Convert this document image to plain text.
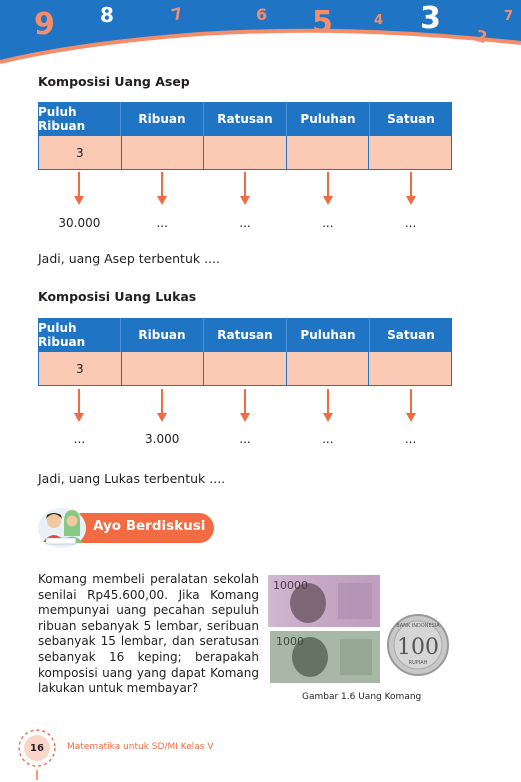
9 8	7	6 5	4 3
2
7
Komposisi Uang Asep
Puluh Ribuan	Ribuan	Ratusan	Puluhan	Satuan
3
30.000	...	...	...	...
Jadi, uang Asep terbentuk ....
Komposisi Uang Lukas
Puluh Ribuan	Ribuan	Ratusan	Puluhan	Satuan
3
...	3.000	...	...	...
Jadi, uang Lukas terbentuk ....
Ayo Berdiskusi
Komang membeli peralatan sekolah senilai Rp45.600,00. Jika Komang mempunyai uang pecahan sepuluh ribuan sebanyak 5 lembar, seribuan sebanyak 15 lembar, dan seratusan sebanyak 16 keping; berapakah komposisi uang yang dapat Komang lakukan untuk membayar?
10000
1000
BANK INDONESIA
100
RUPIAH
Gambar 1.6 Uang Komang
16	Matematika untuk SD/MI Kelas V
